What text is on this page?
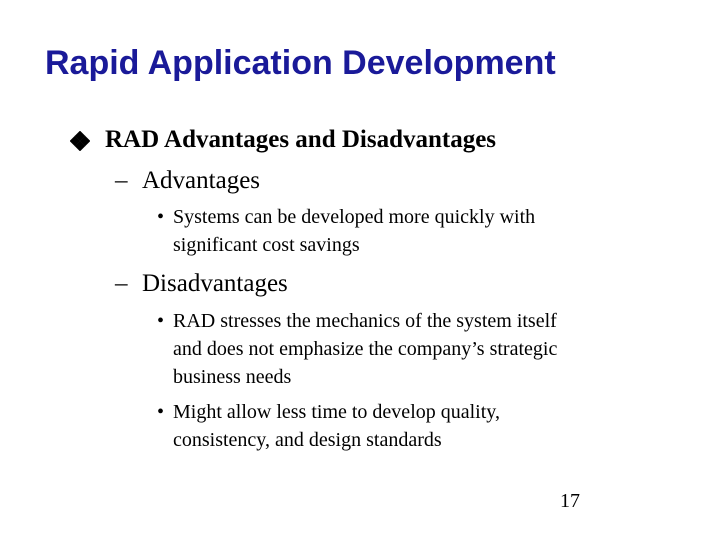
Rapid Application Development
RAD Advantages and Disadvantages
– Advantages
• Systems can be developed more quickly with
significant cost savings
– Disadvantages
• RAD stresses the mechanics of the system itself
and does not emphasize the company’s strategic
business needs
• Might allow less time to develop quality,
consistency, and design standards
17
